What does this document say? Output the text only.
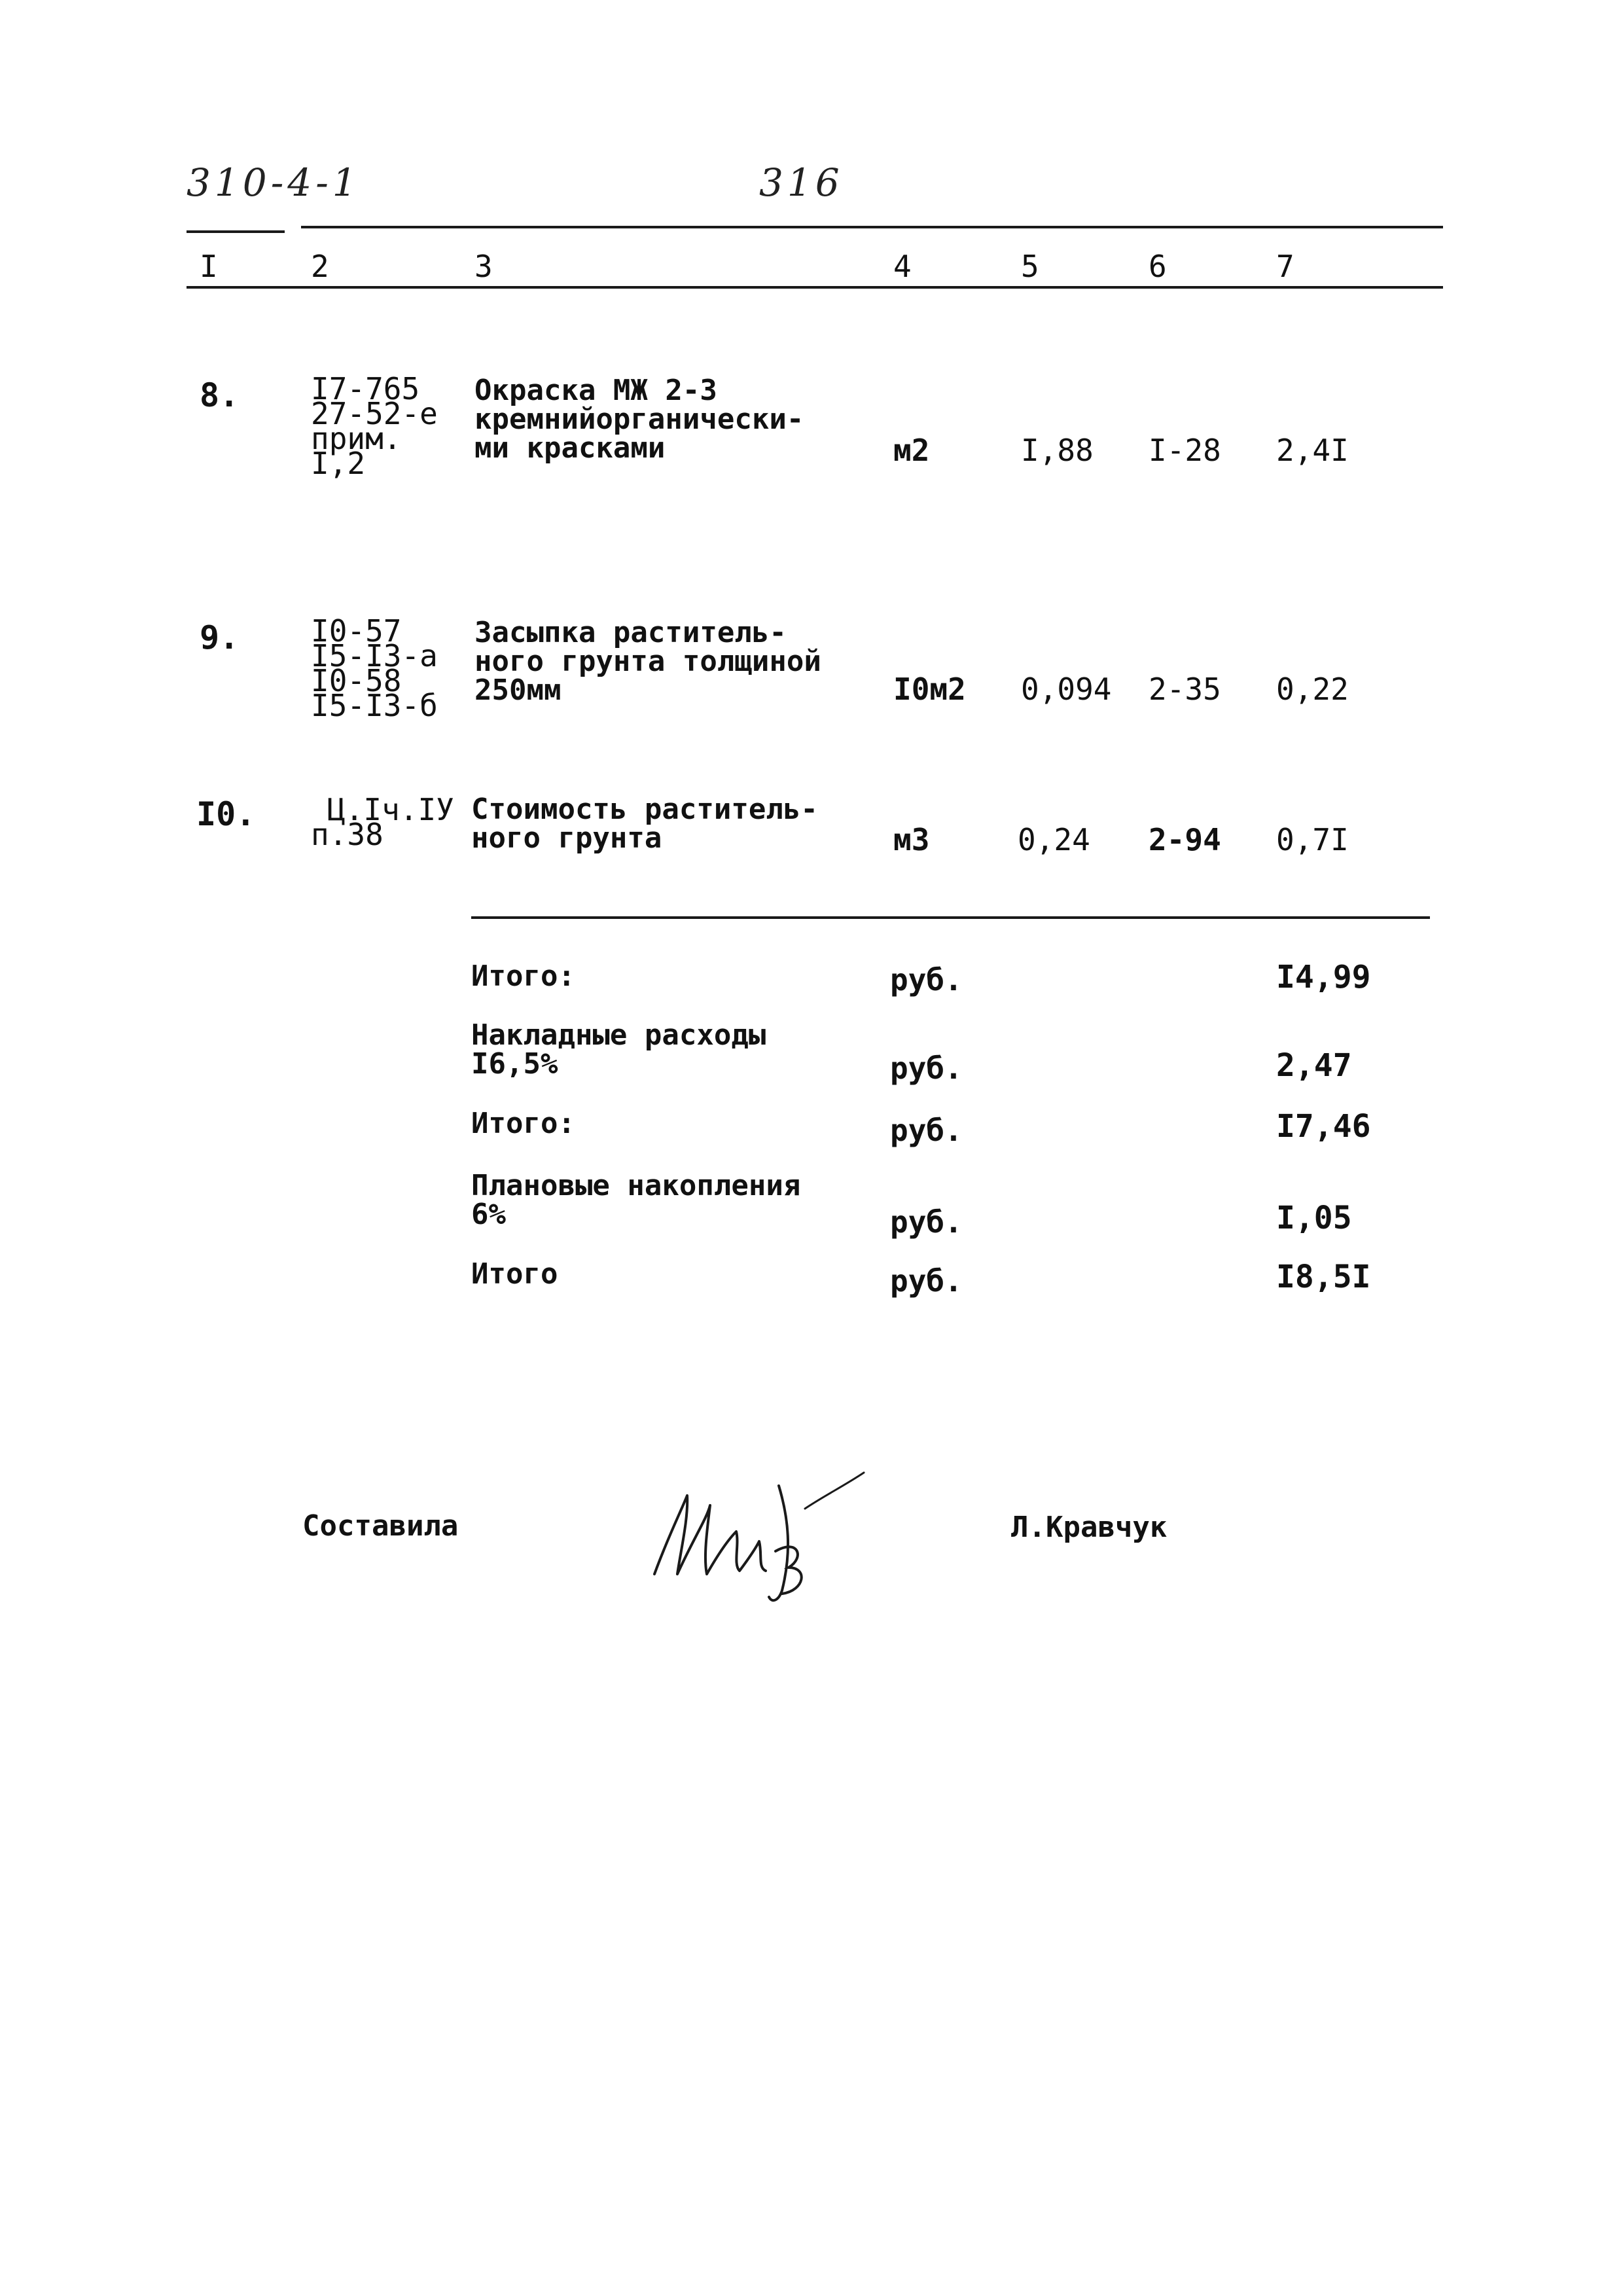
310-4-1	316
I	2	3	4	5	6	7
8. I7-765
27-52-е
прим.
I,2
Окраска МЖ 2-3
кремнийорганически-
ми красками	м2	I,88 I-28 2,4I
9. I0-57
I5-I3-а
I0-58
I5-I3-б
Засыпка раститель-
ного грунта толщиной
250мм	I0м2 0,094 2-35 0,22
I0.	Ц.Iч.IУ
п.38
Стоимость раститель-
ного грунта	м3	0,24 2-94 0,7I
Итого:	руб.	I4,99
Накладные расходы
I6,5%	руб.	2,47
Итого:	руб.	I7,46
Плановые накопления
6%	руб.	I,05
Итого	руб.	I8,5I
Составила	Л.Кравчук
